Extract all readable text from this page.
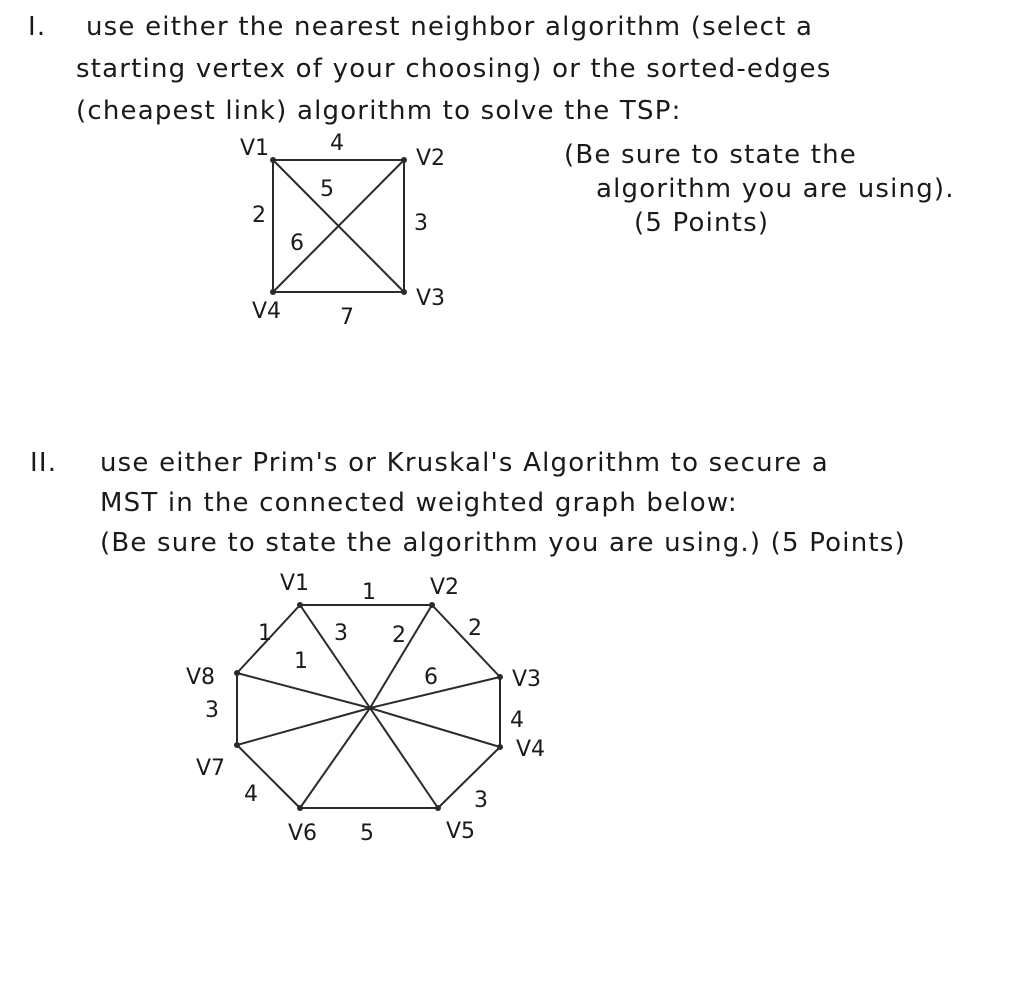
I. use either the nearest neighbor algorithm (select a
starting vertex of your choosing) or the sorted-edges
(cheapest link) algorithm to solve the TSP:
(Be sure to state the
algorithm you are using).
(5 Points)
II. use either Prim's or Kruskal's Algorithm to secure a
MST in the connected weighted graph below:
(Be sure to state the algorithm you are using.) (5 Points)
V1	V2
V3
V4
4
3
7
2
5
6
V1	V2
V3
V4
V5
V6
V7
V8
1
2
4
3
5
4
3
1	3 2
1
6
